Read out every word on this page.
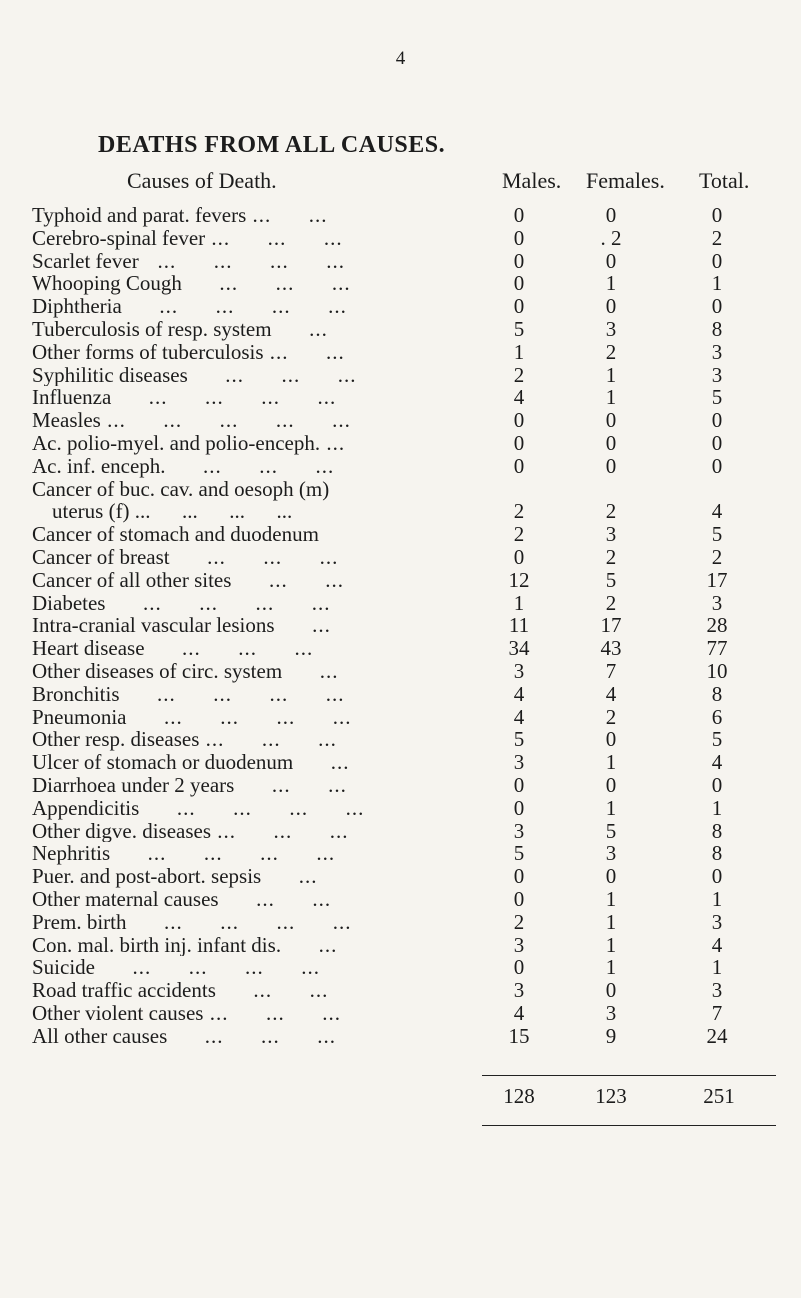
4
DEATHS FROM ALL CAUSES.
Causes of Death.	Males. Females. Total.
Typhoid and parat. fevers ...      ...	0	0	0
Cerebro-spinal fever ...      ...      ...	0	. 2	2
Scarlet fever   ...      ...      ...      ...	0	0	0
Whooping Cough      ...      ...      ...	0	1	1
Diphtheria      ...      ...      ...      ...	0	0	0
Tuberculosis of resp. system      ...	5	3	8
Other forms of tuberculosis ...      ...	1	2	3
Syphilitic diseases      ...      ...      ...	2	1	3
Influenza      ...      ...      ...      ...	4	1	5
Measles ...      ...      ...      ...      ...	0	0	0
Ac. polio-myel. and polio-enceph. ...	0	0	0
Ac. inf. enceph.      ...      ...      ...	0	0	0
Cancer of buc. cav. and oesoph (m)
uterus (f) ...      ...      ...      ...	2	2	4
Cancer of stomach and duodenum	2	3	5
Cancer of breast      ...      ...      ...	0	2	2
Cancer of all other sites      ...      ...	12	5	17
Diabetes      ...      ...      ...      ...	1	2	3
Intra-cranial vascular lesions      ...	11	17	28
Heart disease      ...      ...      ...	34	43	77
Other diseases of circ. system      ...	3	7	10
Bronchitis      ...      ...      ...      ...	4	4	8
Pneumonia      ...      ...      ...      ...	4	2	6
Other resp. diseases ...      ...      ...	5	0	5
Ulcer of stomach or duodenum      ...	3	1	4
Diarrhoea under 2 years      ...      ...	0	0	0
Appendicitis      ...      ...      ...      ...	0	1	1
Other digve. diseases ...      ...      ...	3	5	8
Nephritis      ...      ...      ...      ...	5	3	8
Puer. and post-abort. sepsis      ...	0	0	0
Other maternal causes      ...      ...	0	1	1
Prem. birth      ...      ...      ...      ...	2	1	3
Con. mal. birth inj. infant dis.      ...	3	1	4
Suicide      ...      ...      ...      ...	0	1	1
Road traffic accidents      ...      ...	3	0	3
Other violent causes ...      ...      ...	4	3	7
All other causes      ...      ...      ...	15	9	24
128	123	251
